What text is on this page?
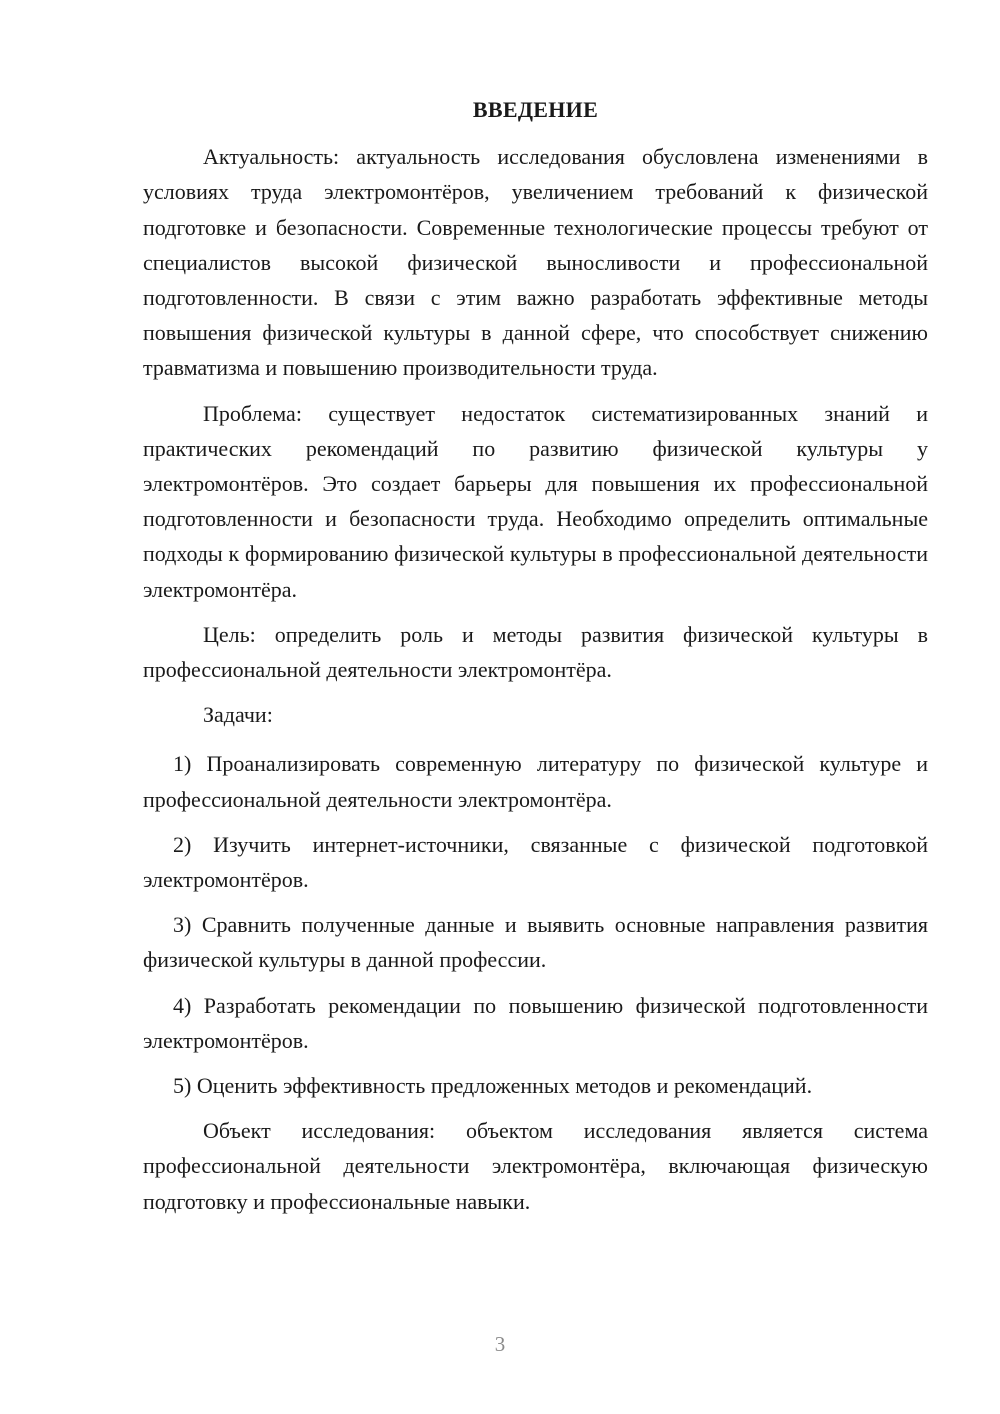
ВВЕДЕНИЕ

Актуальность: актуальность исследования обусловлена изменениями в условиях труда электромонтёров, увеличением требований к физической подготовке и безопасности. Современные технологические процессы требуют от специалистов высокой физической выносливости и профессиональной подготовленности. В связи с этим важно разработать эффективные методы повышения физической культуры в данной сфере, что способствует снижению травматизма и повышению производительности труда.

Проблема: существует недостаток систематизированных знаний и практических рекомендаций по развитию физической культуры у электромонтёров. Это создает барьеры для повышения их профессиональной подготовленности и безопасности труда. Необходимо определить оптимальные подходы к формированию физической культуры в профессиональной деятельности электромонтёра.

Цель: определить роль и методы развития физической культуры в профессиональной деятельности электромонтёра.

Задачи:

1) Проанализировать современную литературу по физической культуре и профессиональной деятельности электромонтёра.

2) Изучить интернет-источники, связанные с физической подготовкой электромонтёров.

3) Сравнить полученные данные и выявить основные направления развития физической культуры в данной профессии.

4) Разработать рекомендации по повышению физической подготовленности электромонтёров.

5) Оценить эффективность предложенных методов и рекомендаций.

Объект исследования: объектом исследования является система профессиональной деятельности электромонтёра, включающая физическую подготовку и профессиональные навыки.

3
